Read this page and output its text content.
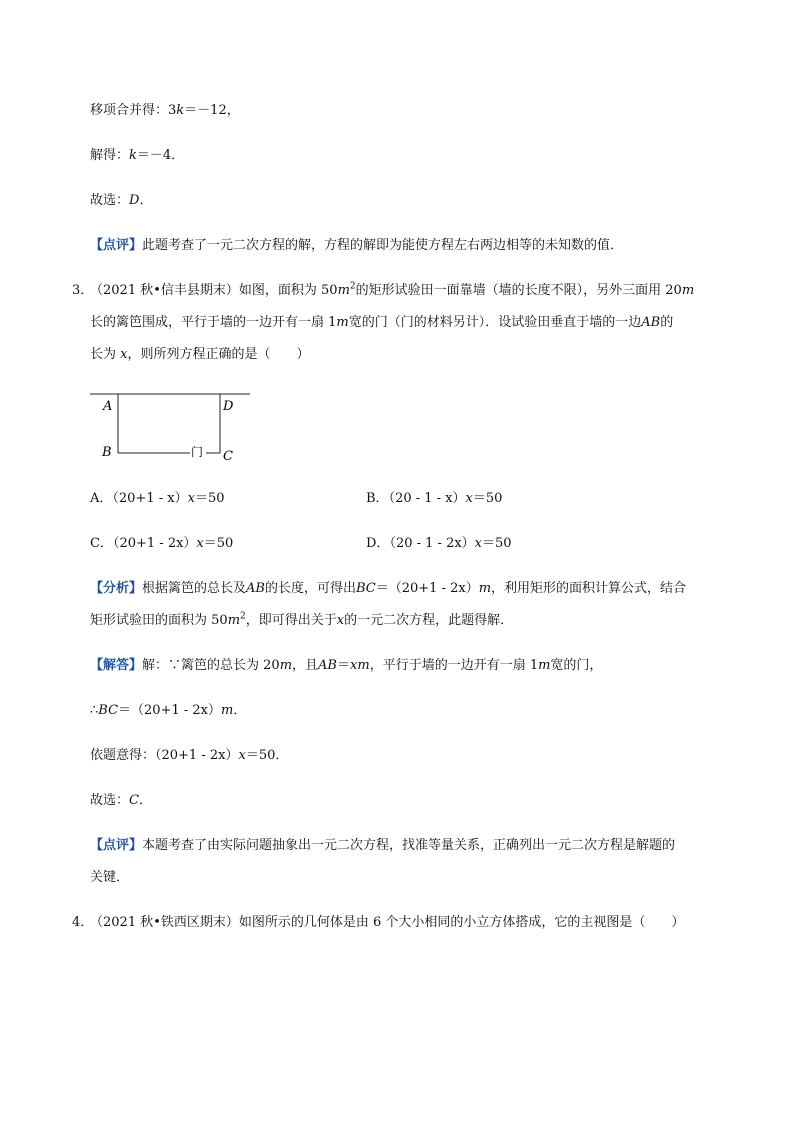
移项合并得：3k＝－12，
解得：k＝－4．
故选：D．
【点评】此题考查了一元二次方程的解，方程的解即为能使方程左右两边相等的未知数的值．
3．
（2021 秋•信丰县期末）如图，面积为 $50m^2$的矩形试验田一面靠墙（墙的长度不限），另外三面用 20m
长的篱笆围成，平行于墙的一边开有一扇 1m宽的门（门的材料另计）．设试验田垂直于墙的一边AB的
长为 x，则所列方程正确的是（　　）
A	D
B	C
门
A．（20+1 - x）x＝50	B．（20 - 1 - x）x＝50
C．（20+1 - 2x）x＝50	D．（20 - 1 - 2x）x＝50
【分析】根据篱笆的总长及AB的长度，可得出BC＝（20+1 - 2x）m，利用矩形的面积计算公式，结合
矩形试验田的面积为 $50m^2$，即可得出关于x的一元二次方程，此题得解．
【解答】解：∵篱笆的总长为 20m，且AB＝xm，平行于墙的一边开有一扇 1m宽的门，
∴BC＝（20+1 - 2x）m．
依题意得：（20+1 - 2x）x＝50．
故选：C．
【点评】本题考查了由实际问题抽象出一元二次方程，找准等量关系，正确列出一元二次方程是解题的
关键．
4．
（2021 秋•铁西区期末）如图所示的几何体是由 6 个大小相同的小立方体搭成，它的主视图是（　　）
